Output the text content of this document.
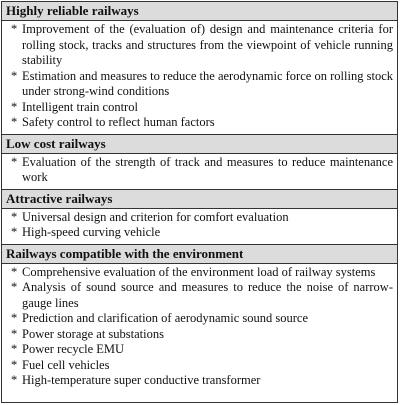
Highly reliable railways
* Improvement of the (evaluation of) design and maintenance criteria for rolling stock, tracks and structures from the viewpoint of vehicle running stability
* Estimation and measures to reduce the aerodynamic force on rolling stock under strong-wind conditions
* Intelligent train control
* Safety control to reflect human factors
Low cost railways
* Evaluation of the strength of track and measures to reduce maintenance work
Attractive railways
* Universal design and criterion for comfort evaluation
* High-speed curving vehicle
Railways compatible with the environment
* Comprehensive evaluation of the environment load of railway systems
* Analysis of sound source and measures to reduce the noise of narrow-gauge lines
* Prediction and clarification of aerodynamic sound source
* Power storage at substations
* Power recycle EMU
* Fuel cell vehicles
* High-temperature super conductive transformer
